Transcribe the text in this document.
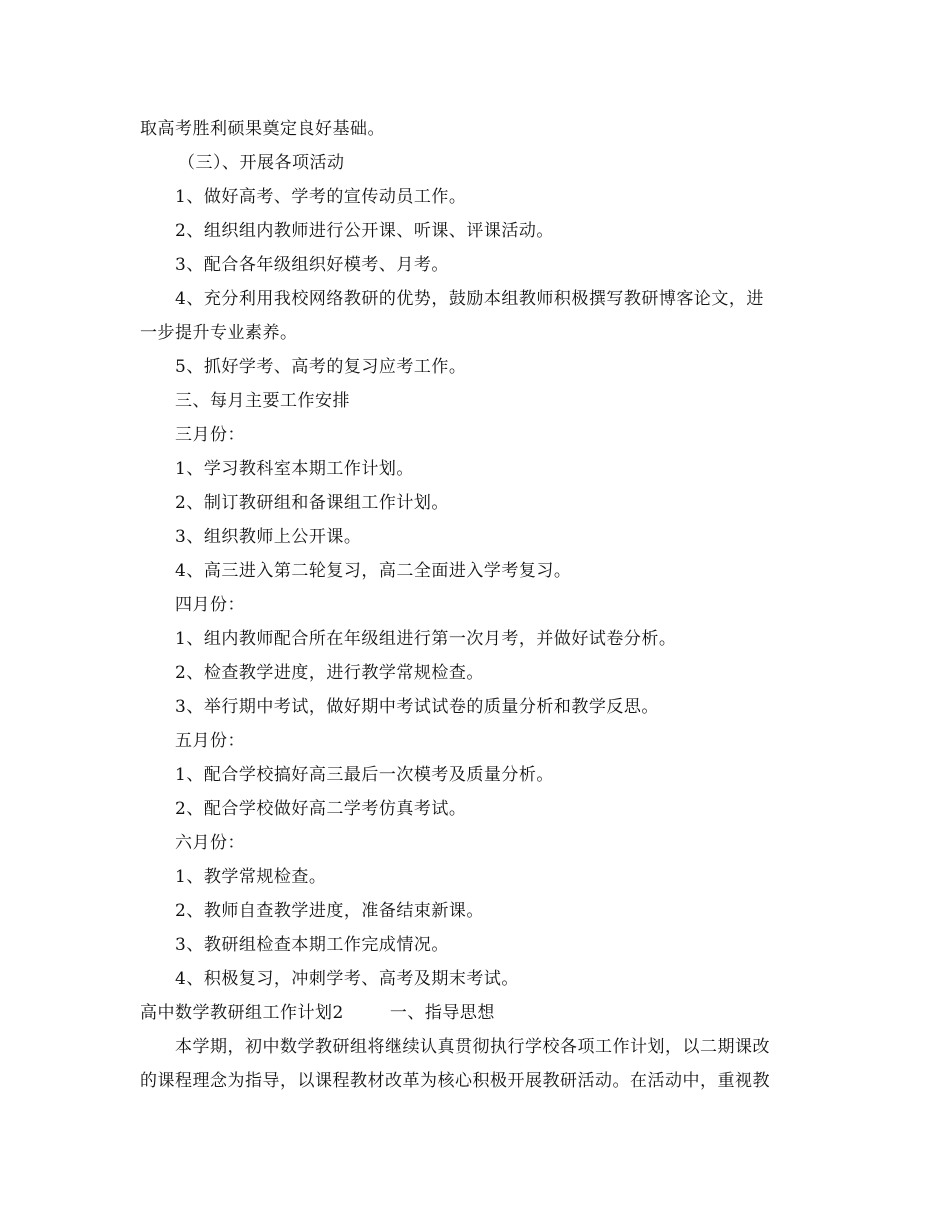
取高考胜利硕果奠定良好基础。
（三）、开展各项活动
1、做好高考、学考的宣传动员工作。
2、组织组内教师进行公开课、听课、评课活动。
3、配合各年级组织好模考、月考。
4、充分利用我校网络教研的优势，鼓励本组教师积极撰写教研博客论文，进
一步提升专业素养。
5、抓好学考、高考的复习应考工作。
三、每月主要工作安排
三月份：
1、学习教科室本期工作计划。
2、制订教研组和备课组工作计划。
3、组织教师上公开课。
4、高三进入第二轮复习，高二全面进入学考复习。
四月份：
1、组内教师配合所在年级组进行第一次月考，并做好试卷分析。
2、检查教学进度，进行教学常规检查。
3、举行期中考试，做好期中考试试卷的质量分析和教学反思。
五月份：
1、配合学校搞好高三最后一次模考及质量分析。
2、配合学校做好高二学考仿真考试。
六月份：
1、教学常规检查。
2、教师自查教学进度，准备结束新课。
3、教研组检查本期工作完成情况。
4、积极复习，冲刺学考、高考及期末考试。
高中数学教研组工作计划2	一、指导思想
本学期，初中数学教研组将继续认真贯彻执行学校各项工作计划，以二期课改
的课程理念为指导，以课程教材改革为核心积极开展教研活动。在活动中，重视教
